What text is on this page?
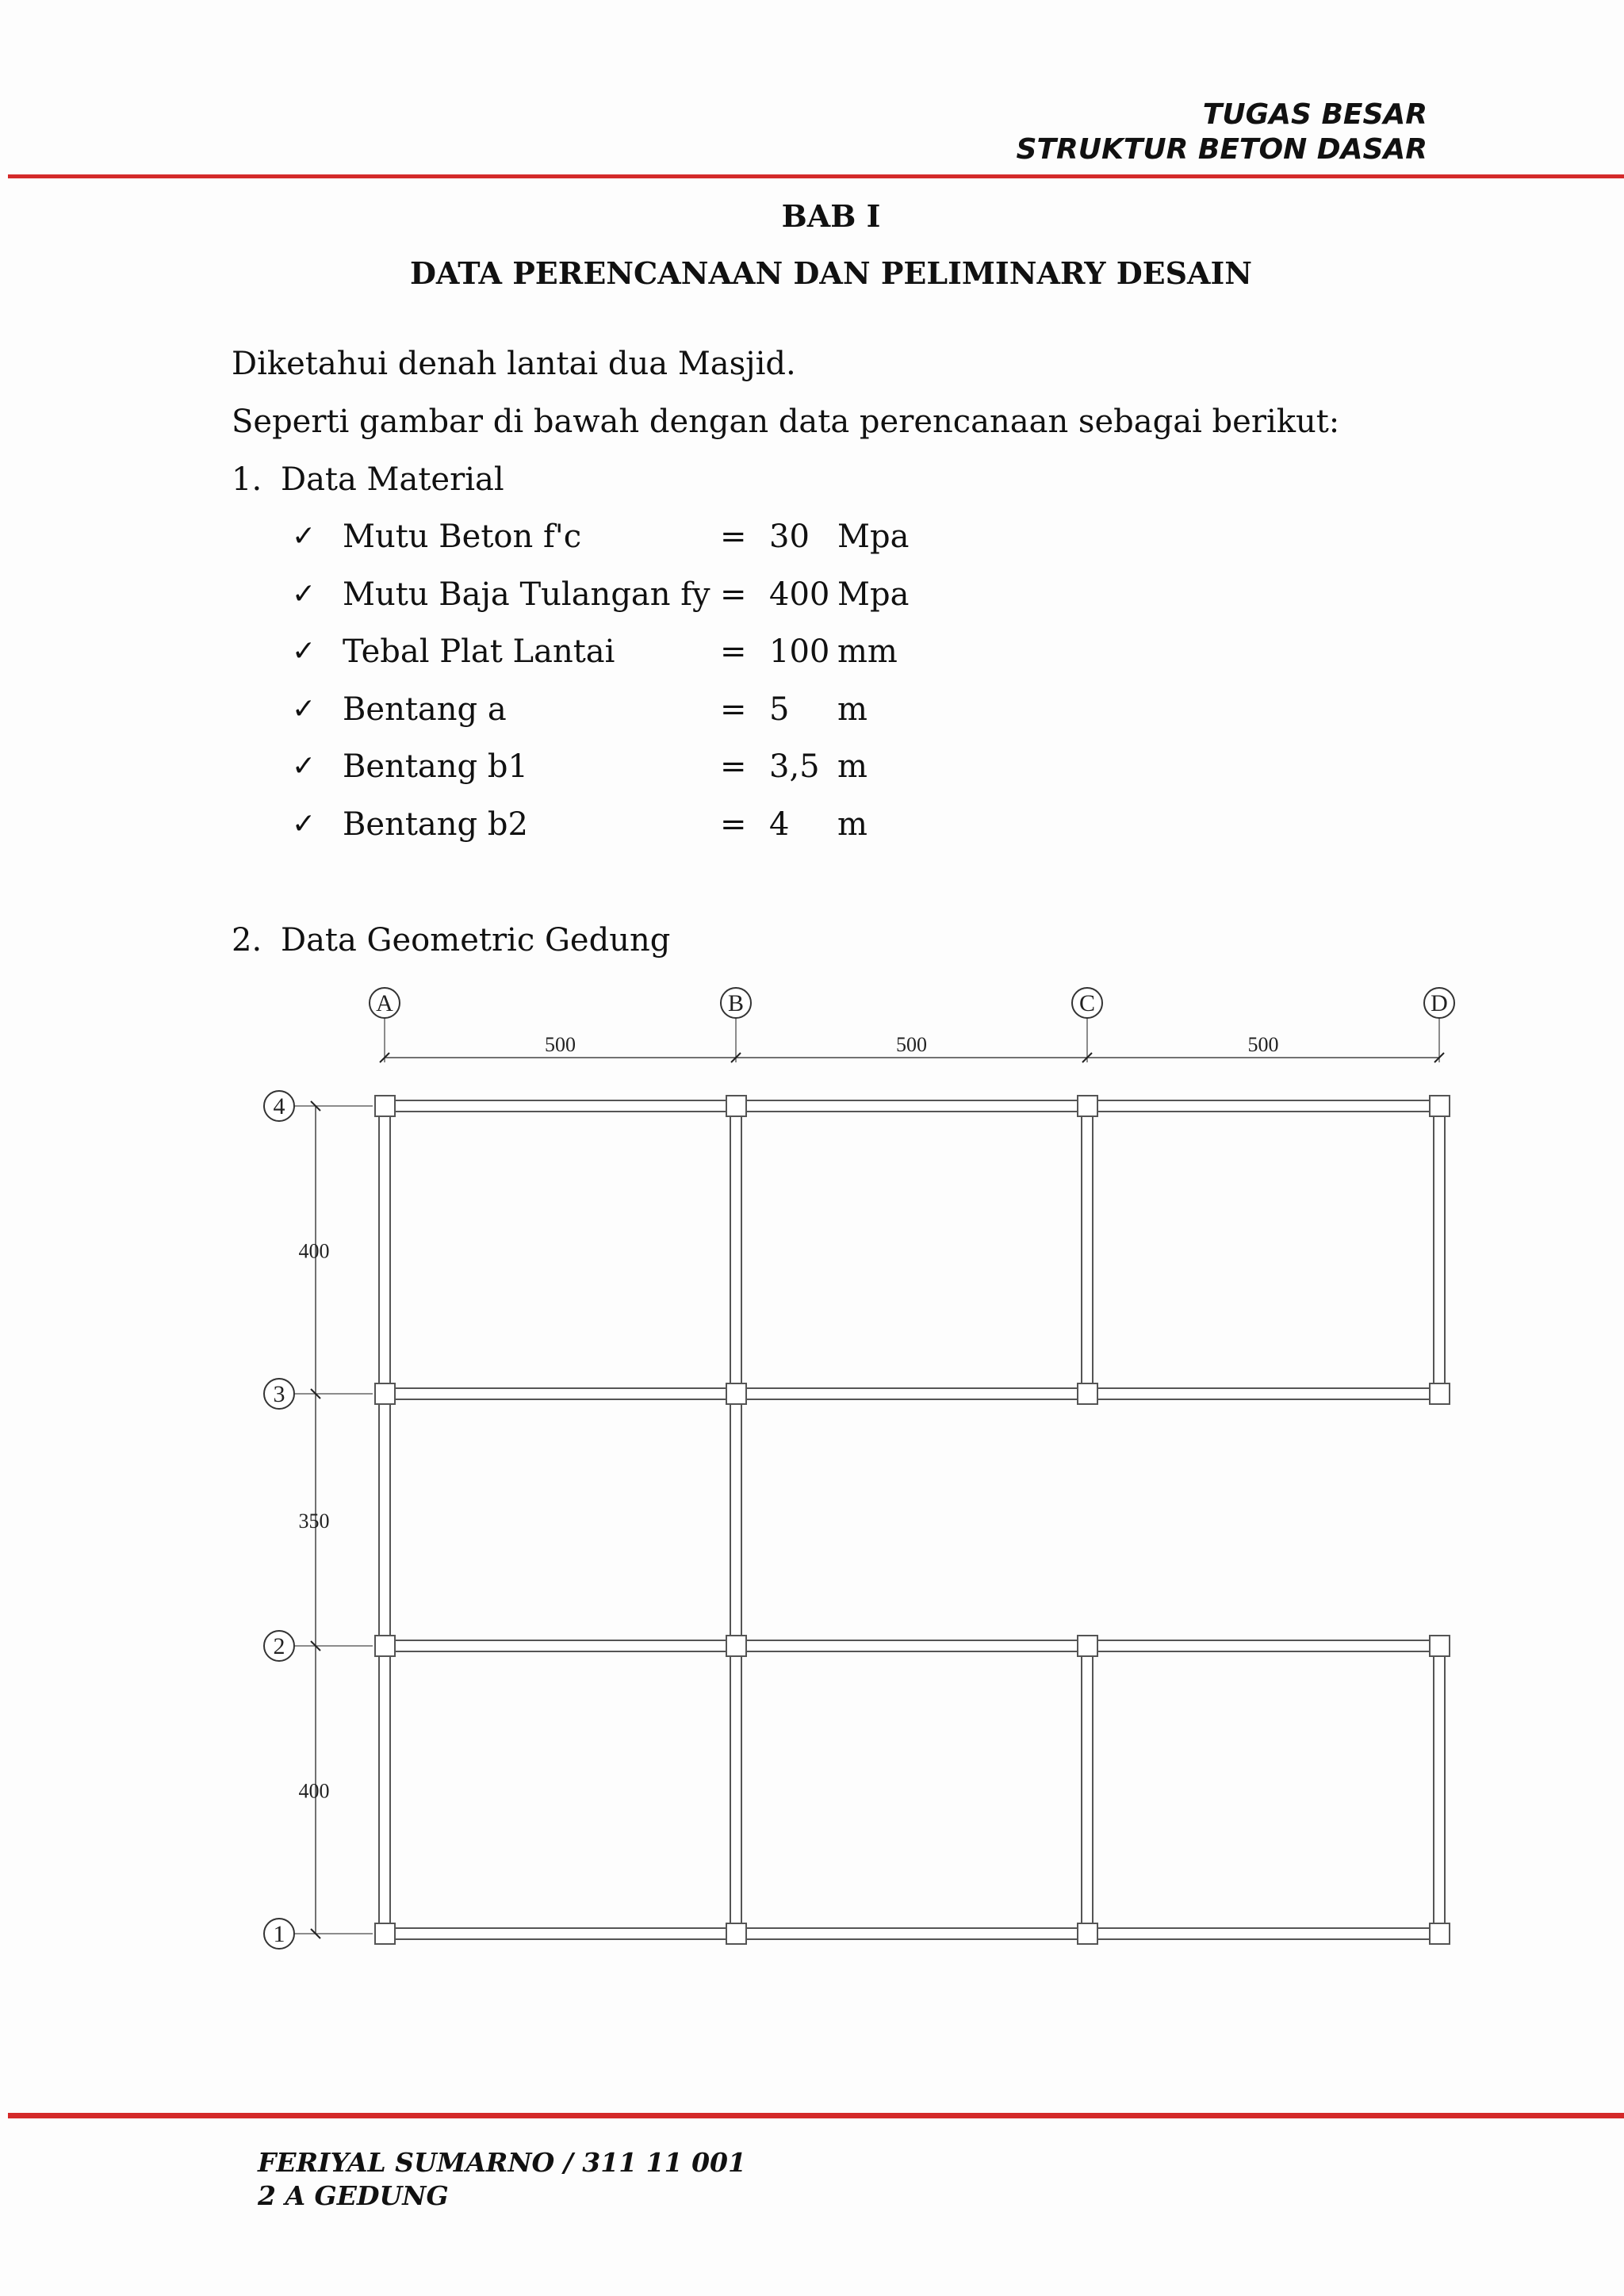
TUGAS BESAR
STRUKTUR BETON DASAR
BAB I
DATA PERENCANAAN DAN PELIMINARY DESAIN
Diketahui denah lantai dua Masjid.
Seperti gambar di bawah dengan data perencanaan sebagai berikut:
1. Data Material
✓ Mutu Beton f'c	= 30 Mpa
✓ Mutu Baja Tulangan fy = 400 Mpa
✓ Tebal Plat Lantai	= 100 mm
✓ Bentang a	= 5	m
✓ Bentang b1	= 3,5 m
✓ Bentang b2	= 4	m
2. Data Geometric Gedung
A	B	C	D
4
3
2
1
500	500	500
400
350
400
FERIYAL SUMARNO / 311 11 001
2 A GEDUNG
